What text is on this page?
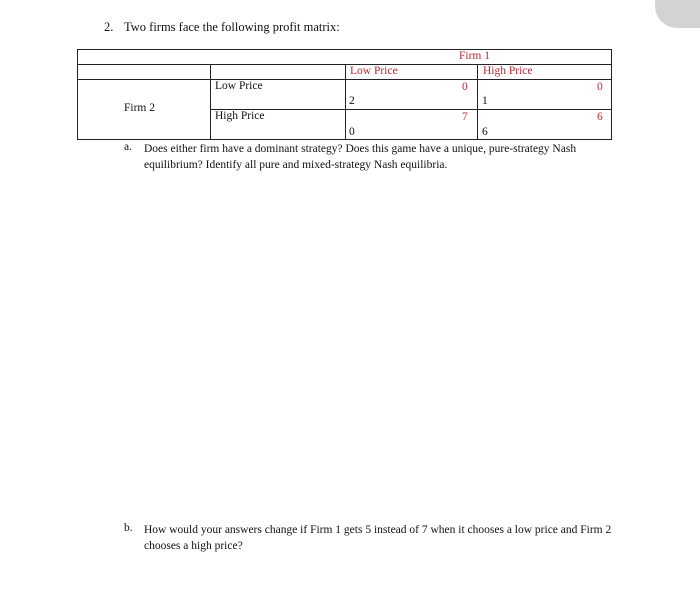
2. Two firms face the following profit matrix:
Firm 1
Low Price	High Price
Firm 2
Low Price
High Price
0
2
0
1
7
0
6
6
a. Does either firm have a dominant strategy? Does this game have a unique, pure-strategy Nash equilibrium? Identify all pure and mixed-strategy Nash equilibria.
b. How would your answers change if Firm 1 gets 5 instead of 7 when it chooses a low price and Firm 2 chooses a high price?
